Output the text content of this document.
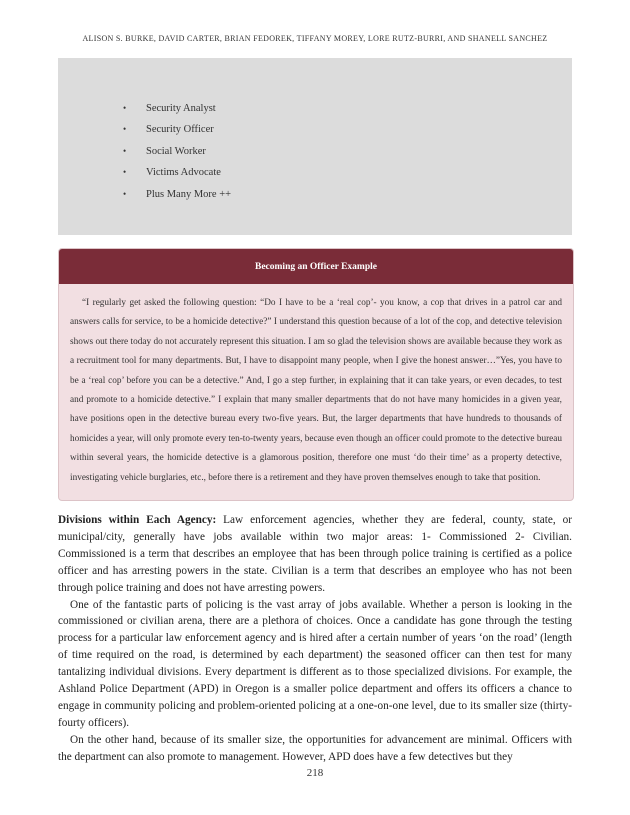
ALISON S. BURKE, DAVID CARTER, BRIAN FEDOREK, TIFFANY MOREY, LORE RUTZ-BURRI, AND SHANELL SANCHEZ
• Security Analyst
• Security Officer
• Social Worker
• Victims Advocate
• Plus Many More ++
Becoming an Officer Example
“I regularly get asked the following question: “Do I have to be a ‘real cop’- you know, a cop that drives in a patrol car and answers calls for service, to be a homicide detective?” I understand this question because of a lot of the cop, and detective television shows out there today do not accurately represent this situation. I am so glad the television shows are available because they work as a recruitment tool for many departments. But, I have to disappoint many people, when I give the honest answer…”Yes, you have to be a ‘real cop’ before you can be a detective.” And, I go a step further, in explaining that it can take years, or even decades, to test and promote to a homicide detective.” I explain that many smaller departments that do not have many homicides in a given year, have positions open in the detective bureau every two-five years. But, the larger departments that have hundreds to thousands of homicides a year, will only promote every ten-to-twenty years, because even though an officer could promote to the detective bureau within several years, the homicide detective is a glamorous position, therefore one must ‘do their time’ as a property detective, investigating vehicle burglaries, etc., before there is a retirement and they have proven themselves enough to take that position.

Divisions within Each Agency: Law enforcement agencies, whether they are federal, county, state, or municipal/city, generally have jobs available within two major areas: 1- Commissioned 2- Civilian. Commissioned is a term that describes an employee that has been through police training is certified as a police officer and has arresting powers in the state. Civilian is a term that describes an employee who has not been through police training and does not have arresting powers.

One of the fantastic parts of policing is the vast array of jobs available. Whether a person is looking in the commissioned or civilian arena, there are a plethora of choices. Once a candidate has gone through the testing process for a particular law enforcement agency and is hired after a certain number of years ‘on the road’ (length of time required on the road, is determined by each department) the seasoned officer can then test for many tantalizing individual divisions. Every department is different as to those specialized divisions. For example, the Ashland Police Department (APD) in Oregon is a smaller police department and offers its officers a chance to engage in community policing and problem-oriented policing at a one-on-one level, due to its smaller size (thirty-fourty officers).

On the other hand, because of its smaller size, the opportunities for advancement are minimal. Officers with the department can also promote to management. However, APD does have a few detectives but they

218
